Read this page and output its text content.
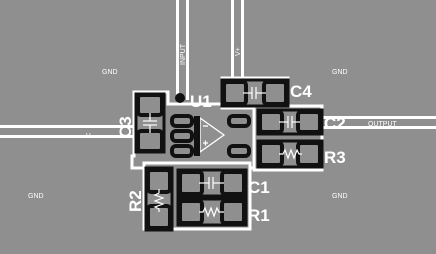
INPUT	V+
V-
OUTPUT
GND	GND
GND	GND
U1
C4
C2
R3
C1
R1
C3
R2
